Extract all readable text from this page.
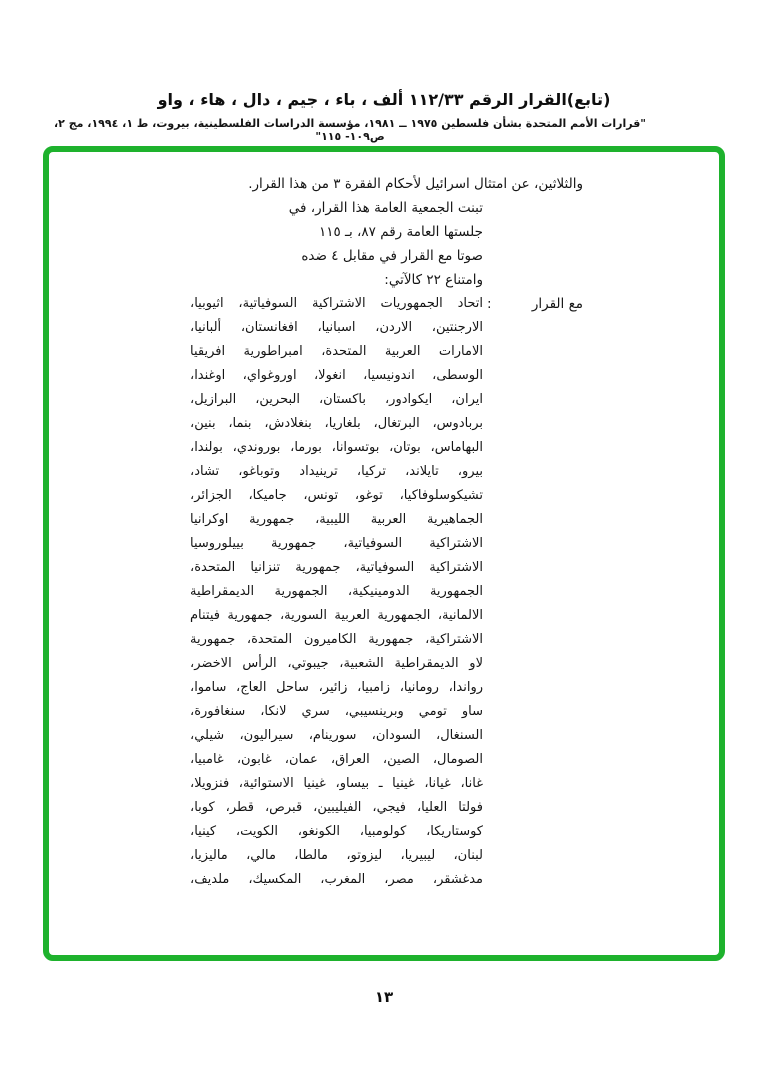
(تابع)القرار الرقم ١١٢/٣٣ ألف ، باء ، جيم ، دال ، هاء ، واو
"قرارات الأمم المتحدة بشأن فلسطين ١٩٧٥ ــ ١٩٨١، مؤسسة الدراسات الفلسطينية، بيروت، ط ١، ١٩٩٤، مج ٢، ص١٠٩- ١١٥"
والثلاثين، عن امتثال اسرائيل لأحكام الفقرة ٣ من هذا القرار.
تبنت الجمعية العامة هذا القرار، في
جلستها العامة رقم ٨٧، بـ ١١٥
صوتا مع القرار في مقابل ٤ ضده
وامتناع ٢٢ كالآتي:
مع القرار
:
اتحاد الجمهوريات الاشتراكية السوفياتية، اثيوبيا،
الارجنتين، الاردن، اسبانيا، افغانستان، ألبانيا،
الامارات العربية المتحدة، امبراطورية افريقيا
الوسطى، اندونيسيا، انغولا، اوروغواي، اوغندا،
ايران، ايكوادور، باكستان، البحرين، البرازيل،
بربادوس، البرتغال، بلغاريا، بنغلادش، بنما، بنين،
البهاماس، بوتان، بوتسوانا، بورما، بوروندي، بولندا،
بيرو، تايلاند، تركيا، ترينيداد وتوباغو، تشاد،
تشيكوسلوفاكيا، توغو، تونس، جاميكا، الجزائر،
الجماهيرية العربية الليبية، جمهورية اوكرانيا
الاشتراكية السوفياتية، جمهورية بييلوروسيا
الاشتراكية السوفياتية، جمهورية تنزانيا المتحدة،
الجمهورية الدومينيكية، الجمهورية الديمقراطية
الالمانية، الجمهورية العربية السورية، جمهورية فيتنام
الاشتراكية، جمهورية الكاميرون المتحدة، جمهورية
لاو الديمقراطية الشعبية، جيبوتي، الرأس الاخضر،
رواندا، رومانيا، زامبيا، زائير، ساحل العاج، ساموا،
ساو تومي وبرينسيبي، سري لانكا، سنغافورة،
السنغال، السودان، سورينام، سيراليون، شيلي،
الصومال، الصين، العراق، عمان، غابون، غامبيا،
غانا، غيانا، غينيا ـ بيساو، غينيا الاستوائية، فنزويلا،
فولتا العليا، فيجي، الفيليبين، قبرص، قطر، كوبا،
كوستاريكا، كولومبيا، الكونغو، الكويت، كينيا،
لبنان، ليبيريا، ليزوتو، مالطا، مالي، ماليزيا،
مدغشقر، مصر، المغرب، المكسيك، ملديف،
١٣
